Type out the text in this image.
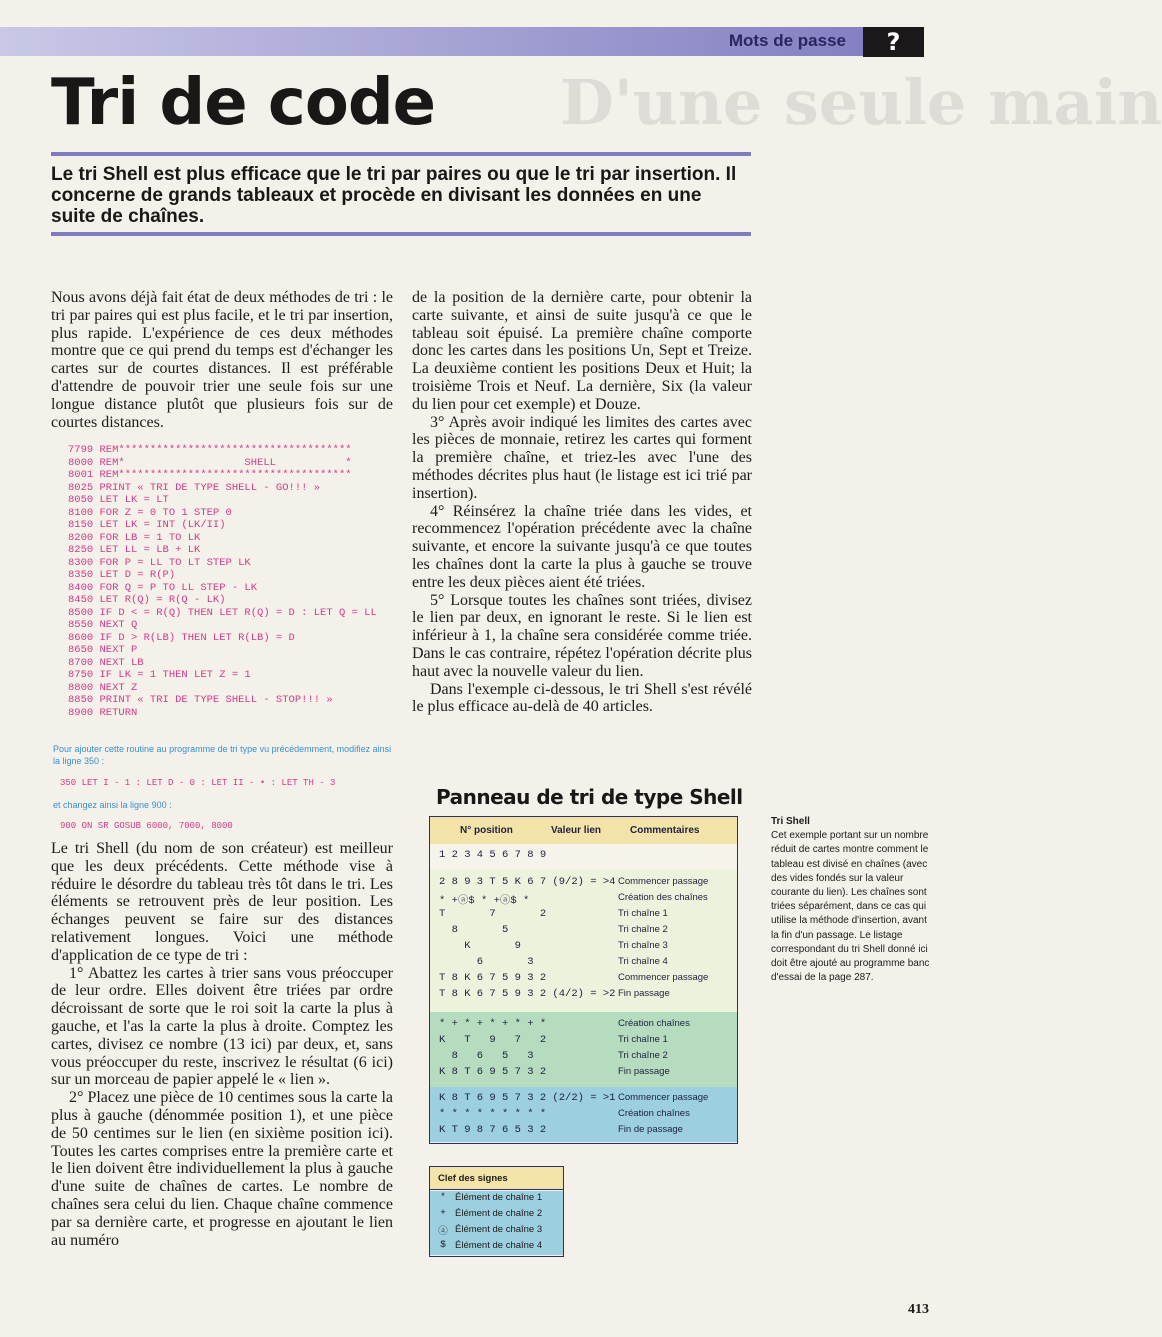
Mots de passe	?
D'une seule main
Tri de code
Le tri Shell est plus efficace que le tri par paires ou que le tri par insertion. Il concerne de grands tableaux et procède en divisant les données en une suite de chaînes.

Nous avons déjà fait état de deux méthodes de tri : le tri par paires qui est plus facile, et le tri par insertion, plus rapide. L'expérience de ces deux méthodes montre que ce qui prend du temps est d'échanger les cartes sur de courtes distances. Il est préférable d'attendre de pouvoir trier une seule fois sur une longue distance plutôt que plusieurs fois sur de courtes distances.

7799 REM*************************************
8000 REM*                   SHELL           *
8001 REM*************************************
8025 PRINT « TRI DE TYPE SHELL - GO!!! »
8050 LET LK = LT
8100 FOR Z = 0 TO 1 STEP 0
8150 LET LK = INT (LK/II)
8200 FOR LB = 1 TO LK
8250 LET LL = LB + LK
8300 FOR P = LL TO LT STEP LK
8350 LET D = R(P)
8400 FOR Q = P TO LL STEP - LK
8450 LET R(Q) = R(Q - LK)
8500 IF D < = R(Q) THEN LET R(Q) = D : LET Q = LL
8550 NEXT Q
8600 IF D > R(LB) THEN LET R(LB) = D
8650 NEXT P
8700 NEXT LB
8750 IF LK = 1 THEN LET Z = 1
8800 NEXT Z
8850 PRINT « TRI DE TYPE SHELL - STOP!!! »
8900 RETURN
Pour ajouter cette routine au programme de tri type vu précédemment, modifiez ainsi la ligne 350 :
350 LET I - 1 : LET D - 0 : LET II - • : LET TH - 3
et changez ainsi la ligne 900 :
900 ON SR GOSUB 6000, 7000, 8000

Le tri Shell (du nom de son créateur) est meilleur que les deux précédents. Cette méthode vise à réduire le désordre du tableau très tôt dans le tri. Les éléments se retrouvent près de leur position. Les échanges peuvent se faire sur des distances relativement longues. Voici une méthode d'application de ce type de tri :

1° Abattez les cartes à trier sans vous préoccuper de leur ordre. Elles doivent être triées par ordre décroissant de sorte que le roi soit la carte la plus à gauche, et l'as la carte la plus à droite. Comptez les cartes, divisez ce nombre (13 ici) par deux, et, sans vous préoccuper du reste, inscrivez le résultat (6 ici) sur un morceau de papier appelé le « lien ».

2° Placez une pièce de 10 centimes sous la carte la plus à gauche (dénommée position 1), et une pièce de 50 centimes sur le lien (en sixième position ici). Toutes les cartes comprises entre la première carte et le lien doivent être individuellement la plus à gauche d'une suite de chaînes de cartes. Le nombre de chaînes sera celui du lien. Chaque chaîne commence par sa dernière carte, et progresse en ajoutant le lien au numéro

de la position de la dernière carte, pour obtenir la carte suivante, et ainsi de suite jusqu'à ce que le tableau soit épuisé. La première chaîne comporte donc les cartes dans les positions Un, Sept et Treize. La deuxième contient les positions Deux et Huit; la troisième Trois et Neuf. La dernière, Six (la valeur du lien pour cet exemple) et Douze.

3° Après avoir indiqué les limites des cartes avec les pièces de monnaie, retirez les cartes qui forment la première chaîne, et triez-les avec l'une des méthodes décrites plus haut (le listage est ici trié par insertion).

4° Réinsérez la chaîne triée dans les vides, et recommencez l'opération précédente avec la chaîne suivante, et encore la suivante jusqu'à ce que toutes les chaînes dont la carte la plus à gauche se trouve entre les deux pièces aient été triées.

5° Lorsque toutes les chaînes sont triées, divisez le lien par deux, en ignorant le reste. Si le lien est inférieur à 1, la chaîne sera considérée comme triée. Dans le cas contraire, répétez l'opération décrite plus haut avec la nouvelle valeur du lien.

Dans l'exemple ci-dessous, le tri Shell s'est révélé le plus efficace au-delà de 40 articles.

Panneau de tri de type Shell
N° position	Valeur lien	Commentaires
1 2 3 4 5 6 7 8 9
2 8 9 3 T 5 K 6 7 (9/2) = >4 Commencer passage
* +ⓐ$ * +ⓐ$ *	Création des chaînes
T       7       2	Tri chaîne 1
8       5	Tri chaîne 2
K       9	Tri chaîne 3
6       3	Tri chaîne 4
T 8 K 6 7 5 9 3 2	Commencer passage
T 8 K 6 7 5 9 3 2 (4/2) = >2 Fin passage
* + * + * + * + *	Création chaînes
K   T   9   7   2	Tri chaîne 1
8   6   5   3	Tri chaîne 2
K 8 T 6 9 5 7 3 2	Fin passage
K 8 T 6 9 5 7 3 2 (2/2) = >1 Commencer passage
* * * * * * * * *	Création chaînes
K T 9 8 7 6 5 3 2	Fin de passage
Clef des signes
*	Élément de chaîne 1
+ Élément de chaîne 2
ⓐ Élément de chaîne 3
$ Élément de chaîne 4
Tri Shell
Cet exemple portant sur un nombre réduit de cartes montre comment le tableau est divisé en chaînes (avec des vides fondés sur la valeur courante du lien). Les chaînes sont triées séparément, dans ce cas qui utilise la méthode d'insertion, avant la fin d'un passage. Le listage correspondant du tri Shell donné ici doit être ajouté au programme banc d'essai de la page 287.
413
